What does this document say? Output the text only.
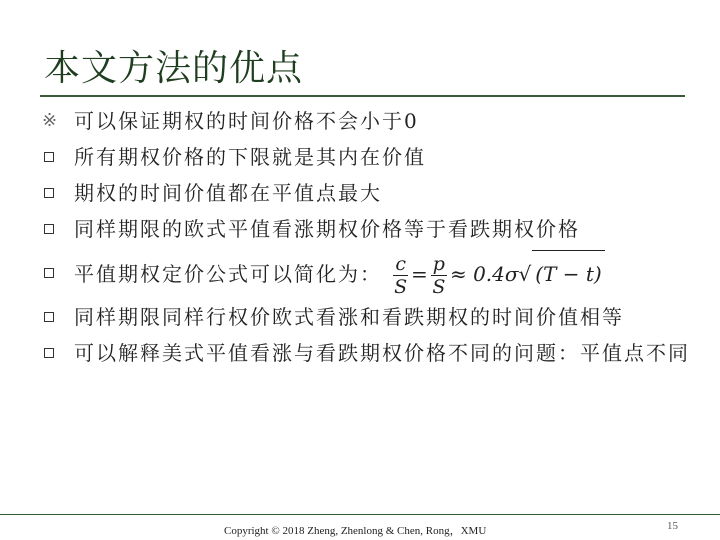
本文方法的优点
※ 可以保证期权的时间价格不会小于0
所有期权价格的下限就是其内在价值
期权的时间价值都在平值点最大
同样期限的欧式平值看涨期权价格等于看跌期权价格
平值期权定价公式可以简化为： $\frac{c}{S} = \frac{p}{S} \approx 0.4\sigma√$ (T − t)
同样期限同样行权价欧式看涨和看跌期权的时间价值相等
可以解释美式平值看涨与看跌期权价格不同的问题：平值点不同
Copyright © 2018 Zheng, Zhenlong & Chen, Rong，XMU	15
